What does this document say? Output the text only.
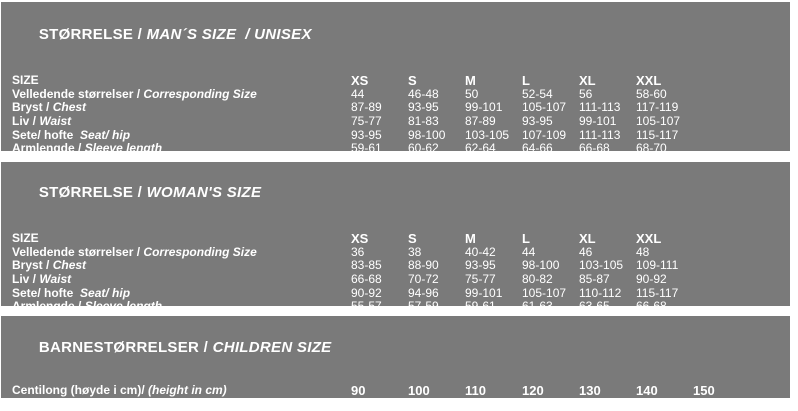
STØRRELSE / MAN´S SIZE  / UNISEX

SIZE	XS	S	M	L	XL	XXL
Velledende størrelser / Corresponding Size	44	46-48	50	52-54	56	58-60
Bryst / Chest	87-89	93-95	99-101	105-107	111-113	117-119
Liv / Waist	75-77	81-83	87-89	93-95	99-101	105-107
Sete/ hofte Seat/ hip	93-95	98-100	103-105	107-109	111-113	115-117
Armlengde / Sleeve length	59-61	60-62	62-64	64-66	66-68	68-70

STØRRELSE / WOMAN'S SIZE

SIZE	XS	S	M	L	XL	XXL
Velledende størrelser / Corresponding Size	36	38	40-42	44	46	48
Bryst / Chest	83-85	88-90	93-95	98-100	103-105	109-111
Liv / Waist	66-68	70-72	75-77	80-82	85-87	90-92
Sete/ hofte Seat/ hip	90-92	94-96	99-101	105-107	110-112	115-117
Armlengde / Sleeve length	55-57	57-59	59-61	61-63	63-65	66-68

BARNESTØRRELSER / CHILDREN SIZE

Centilong (høyde i cm)/ (height in cm)	90	100	110	120	130	140	150
Aldersreferanse / Age reference	2-3	3-4	5	6-7	8-9	10	11-12
